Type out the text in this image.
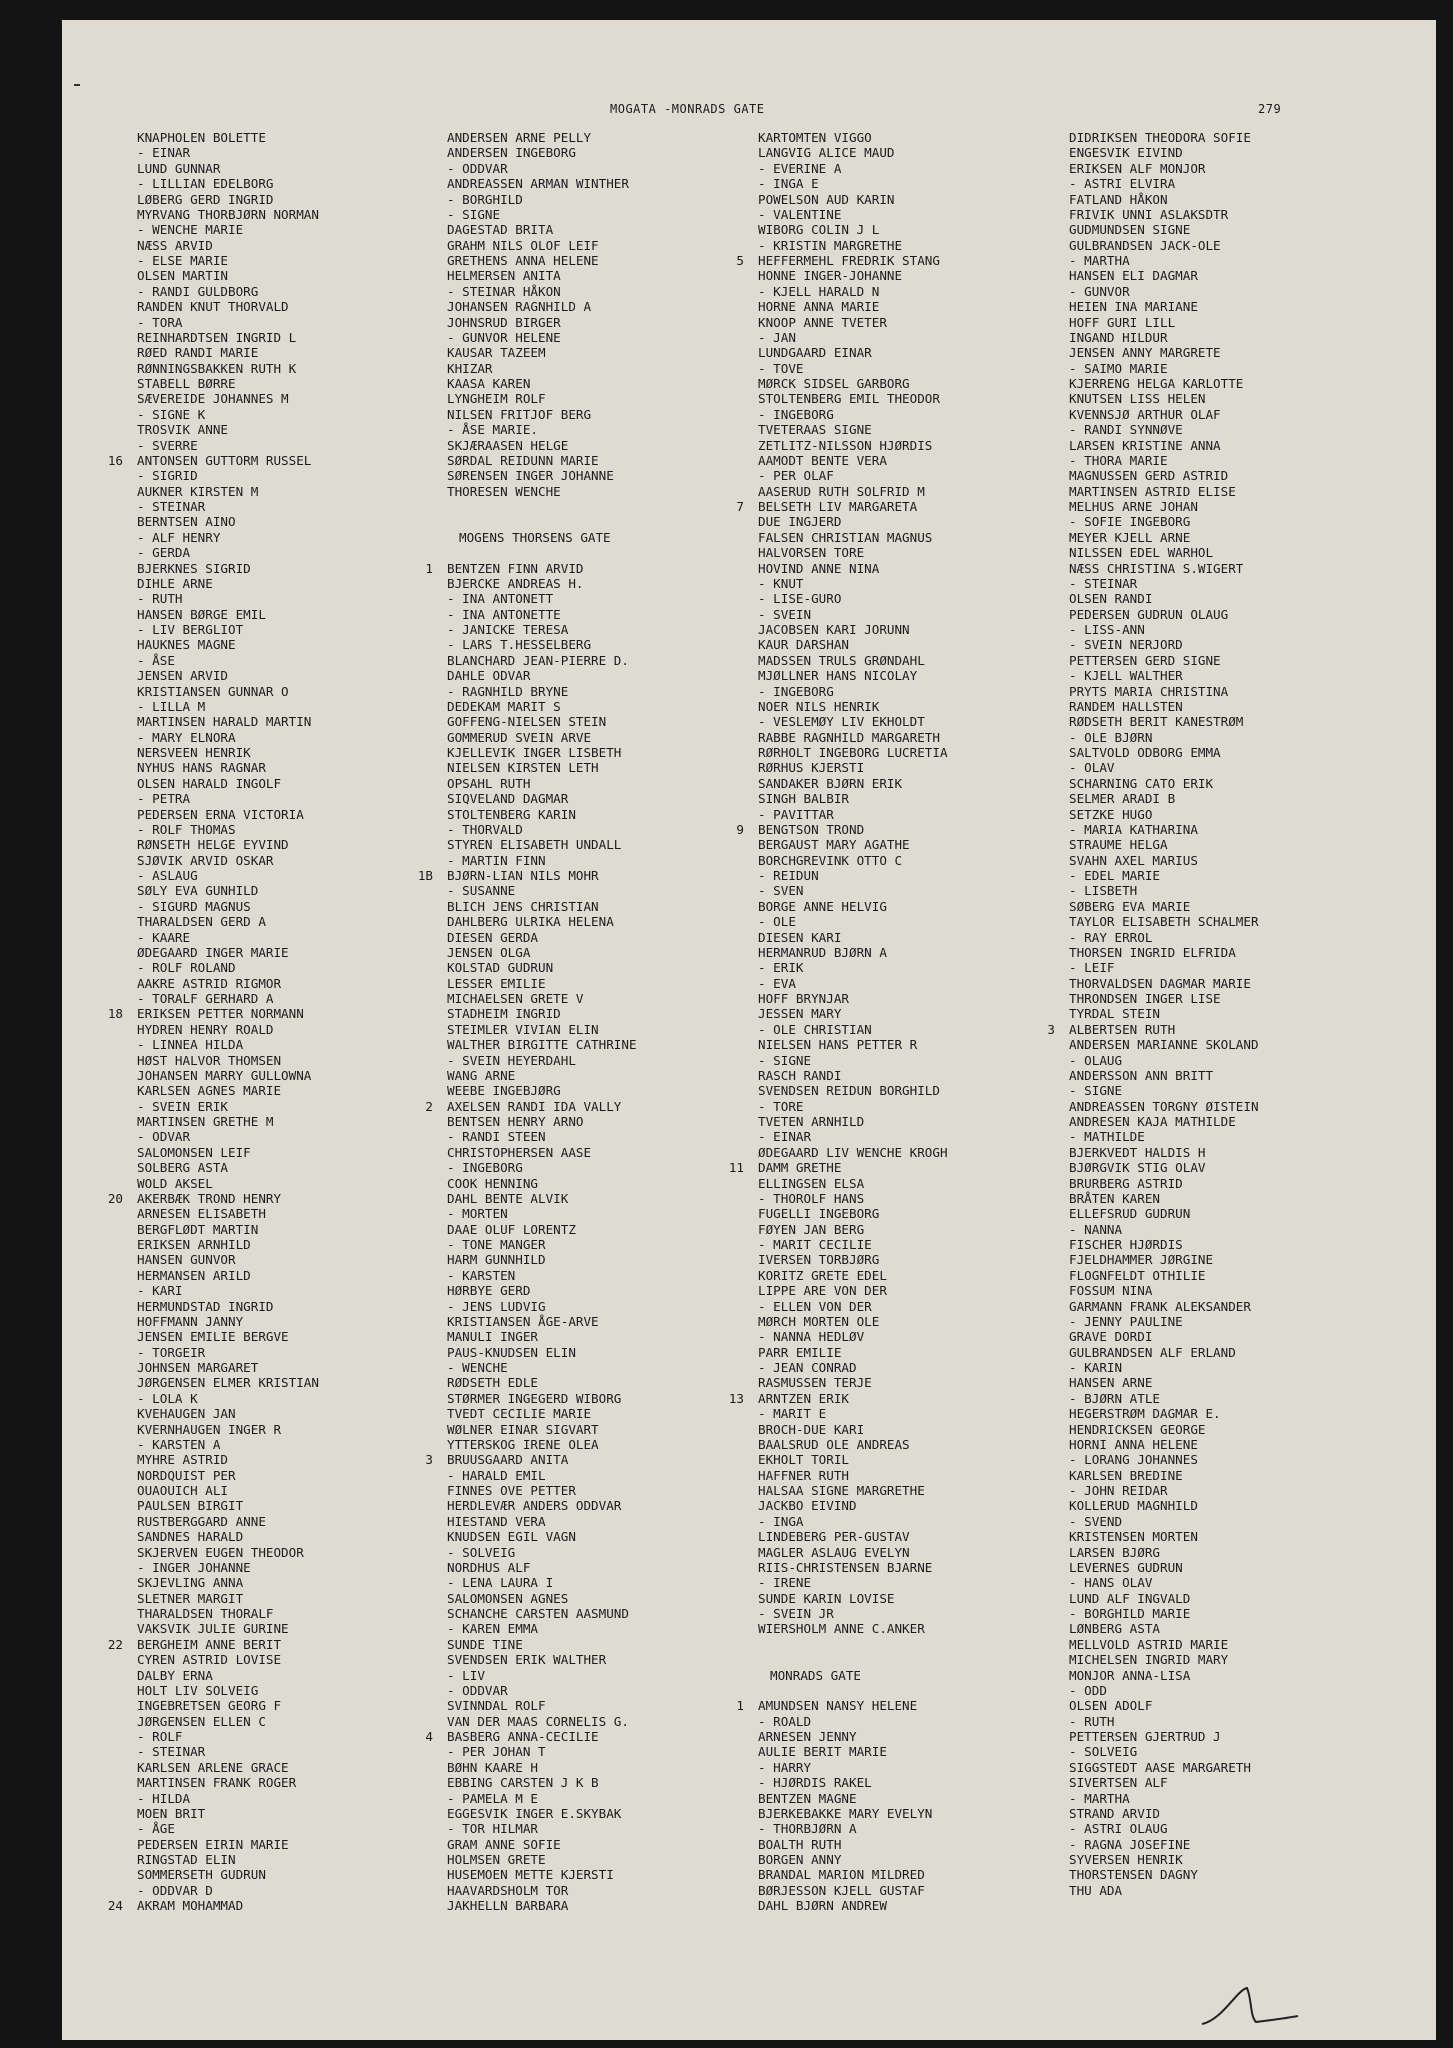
MOGATA -MONRADS GATE	279
KNAPHOLEN BOLETTE
- EINAR
LUND GUNNAR
- LILLIAN EDELBORG
LØBERG GERD INGRID
MYRVANG THORBJØRN NORMAN
- WENCHE MARIE
NÆSS ARVID
- ELSE MARIE
OLSEN MARTIN
- RANDI GULDBORG
RANDEN KNUT THORVALD
- TORA
REINHARDTSEN INGRID L
RØED RANDI MARIE
RØNNINGSBAKKEN RUTH K
STABELL BØRRE
SÆVEREIDE JOHANNES M
- SIGNE K
TROSVIK ANNE
- SVERRE
16 ANTONSEN GUTTORM RUSSEL
- SIGRID
AUKNER KIRSTEN M
- STEINAR
BERNTSEN AINO
- ALF HENRY
- GERDA
BJERKNES SIGRID
DIHLE ARNE
- RUTH
HANSEN BØRGE EMIL
- LIV BERGLIOT
HAUKNES MAGNE
- ÅSE
JENSEN ARVID
KRISTIANSEN GUNNAR O
- LILLA M
MARTINSEN HARALD MARTIN
- MARY ELNORA
NERSVEEN HENRIK
NYHUS HANS RAGNAR
OLSEN HARALD INGOLF
- PETRA
PEDERSEN ERNA VICTORIA
- ROLF THOMAS
RØNSETH HELGE EYVIND
SJØVIK ARVID OSKAR
- ASLAUG
SØLY EVA GUNHILD
- SIGURD MAGNUS
THARALDSEN GERD A
- KAARE
ØDEGAARD INGER MARIE
- ROLF ROLAND
AAKRE ASTRID RIGMOR
- TORALF GERHARD A
18 ERIKSEN PETTER NORMANN
HYDREN HENRY ROALD
- LINNEA HILDA
HØST HALVOR THOMSEN
JOHANSEN MARRY GULLOWNA
KARLSEN AGNES MARIE
- SVEIN ERIK
MARTINSEN GRETHE M
- ODVAR
SALOMONSEN LEIF
SOLBERG ASTA
WOLD AKSEL
20 AKERBÆK TROND HENRY
ARNESEN ELISABETH
BERGFLØDT MARTIN
ERIKSEN ARNHILD
HANSEN GUNVOR
HERMANSEN ARILD
- KARI
HERMUNDSTAD INGRID
HOFFMANN JANNY
JENSEN EMILIE BERGVE
- TORGEIR
JOHNSEN MARGARET
JØRGENSEN ELMER KRISTIAN
- LOLA K
KVEHAUGEN JAN
KVERNHAUGEN INGER R
- KARSTEN A
MYHRE ASTRID
NORDQUIST PER
OUAOUICH ALI
PAULSEN BIRGIT
RUSTBERGGARD ANNE
SANDNES HARALD
SKJERVEN EUGEN THEODOR
- INGER JOHANNE
SKJEVLING ANNA
SLETNER MARGIT
THARALDSEN THORALF
VAKSVIK JULIE GURINE
22 BERGHEIM ANNE BERIT
CYREN ASTRID LOVISE
DALBY ERNA
HOLT LIV SOLVEIG
INGEBRETSEN GEORG F
JØRGENSEN ELLEN C
- ROLF
- STEINAR
KARLSEN ARLENE GRACE
MARTINSEN FRANK ROGER
- HILDA
MOEN BRIT
- ÅGE
PEDERSEN EIRIN MARIE
RINGSTAD ELIN
SOMMERSETH GUDRUN
- ODDVAR D
24 AKRAM MOHAMMAD
ANDERSEN ARNE PELLY
ANDERSEN INGEBORG
- ODDVAR
ANDREASSEN ARMAN WINTHER
- BORGHILD
- SIGNE
DAGESTAD BRITA
GRAHM NILS OLOF LEIF
GRETHENS ANNA HELENE
HELMERSEN ANITA
- STEINAR HÅKON
JOHANSEN RAGNHILD A
JOHNSRUD BIRGER
- GUNVOR HELENE
KAUSAR TAZEEM
KHIZAR
KAASA KAREN
LYNGHEIM ROLF
NILSEN FRITJOF BERG
- ÅSE MARIE.
SKJÆRAASEN HELGE
SØRDAL REIDUNN MARIE
SØRENSEN INGER JOHANNE
THORESEN WENCHE
MOGENS THORSENS GATE
1 BENTZEN FINN ARVID
BJERCKE ANDREAS H.
- INA ANTONETT
- INA ANTONETTE
- JANICKE TERESA
- LARS T.HESSELBERG
BLANCHARD JEAN-PIERRE D.
DAHLE ODVAR
- RAGNHILD BRYNE
DEDEKAM MARIT S
GOFFENG-NIELSEN STEIN
GOMMERUD SVEIN ARVE
KJELLEVIK INGER LISBETH
NIELSEN KIRSTEN LETH
OPSAHL RUTH
SIQVELAND DAGMAR
STOLTENBERG KARIN
- THORVALD
STYREN ELISABETH UNDALL
- MARTIN FINN
1B BJØRN-LIAN NILS MOHR
- SUSANNE
BLICH JENS CHRISTIAN
DAHLBERG ULRIKA HELENA
DIESEN GERDA
JENSEN OLGA
KOLSTAD GUDRUN
LESSER EMILIE
MICHAELSEN GRETE V
STADHEIM INGRID
STEIMLER VIVIAN ELIN
WALTHER BIRGITTE CATHRINE
- SVEIN HEYERDAHL
WANG ARNE
WEEBE INGEBJØRG
2 AXELSEN RANDI IDA VALLY
BENTSEN HENRY ARNO
- RANDI STEEN
CHRISTOPHERSEN AASE
- INGEBORG
COOK HENNING
DAHL BENTE ALVIK
- MORTEN
DAAE OLUF LORENTZ
- TONE MANGER
HARM GUNNHILD
- KARSTEN
HØRBYE GERD
- JENS LUDVIG
KRISTIANSEN ÅGE-ARVE
MANULI INGER
PAUS-KNUDSEN ELIN
- WENCHE
RØDSETH EDLE
STØRMER INGEGERD WIBORG
TVEDT CECILIE MARIE
WØLNER EINAR SIGVART
YTTERSKOG IRENE OLEA
3 BRUUSGAARD ANITA
- HARALD EMIL
FINNES OVE PETTER
HERDLEVÆR ANDERS ODDVAR
HIESTAND VERA
KNUDSEN EGIL VAGN
- SOLVEIG
NORDHUS ALF
- LENA LAURA I
SALOMONSEN AGNES
SCHANCHE CARSTEN AASMUND
- KAREN EMMA
SUNDE TINE
SVENDSEN ERIK WALTHER
- LIV
- ODDVAR
SVINNDAL ROLF
VAN DER MAAS CORNELIS G.
4 BASBERG ANNA-CECILIE
- PER JOHAN T
BØHN KAARE H
EBBING CARSTEN J K B
- PAMELA M E
EGGESVIK INGER E.SKYBAK
- TOR HILMAR
GRAM ANNE SOFIE
HOLMSEN GRETE
HUSEMOEN METTE KJERSTI
HAAVARDSHOLM TOR
JAKHELLN BARBARA
KARTOMTEN VIGGO
LANGVIG ALICE MAUD
- EVERINE A
- INGA E
POWELSON AUD KARIN
- VALENTINE
WIBORG COLIN J L
- KRISTIN MARGRETHE
5 HEFFERMEHL FREDRIK STANG
HONNE INGER-JOHANNE
- KJELL HARALD N
HORNE ANNA MARIE
KNOOP ANNE TVETER
- JAN
LUNDGAARD EINAR
- TOVE
MØRCK SIDSEL GARBORG
STOLTENBERG EMIL THEODOR
- INGEBORG
TVETERAAS SIGNE
ZETLITZ-NILSSON HJØRDIS
AAMODT BENTE VERA
- PER OLAF
AASERUD RUTH SOLFRID M
7 BELSETH LIV MARGARETA
DUE INGJERD
FALSEN CHRISTIAN MAGNUS
HALVORSEN TORE
HOVIND ANNE NINA
- KNUT
- LISE-GURO
- SVEIN
JACOBSEN KARI JORUNN
KAUR DARSHAN
MADSSEN TRULS GRØNDAHL
MJØLLNER HANS NICOLAY
- INGEBORG
NOER NILS HENRIK
- VESLEMØY LIV EKHOLDT
RABBE RAGNHILD MARGARETH
RØRHOLT INGEBORG LUCRETIA
RØRHUS KJERSTI
SANDAKER BJØRN ERIK
SINGH BALBIR
- PAVITTAR
9 BENGTSON TROND
BERGAUST MARY AGATHE
BORCHGREVINK OTTO C
- REIDUN
- SVEN
BORGE ANNE HELVIG
- OLE
DIESEN KARI
HERMANRUD BJØRN A
- ERIK
- EVA
HOFF BRYNJAR
JESSEN MARY
- OLE CHRISTIAN
NIELSEN HANS PETTER R
- SIGNE
RASCH RANDI
SVENDSEN REIDUN BORGHILD
- TORE
TVETEN ARNHILD
- EINAR
ØDEGAARD LIV WENCHE KROGH
11 DAMM GRETHE
ELLINGSEN ELSA
- THOROLF HANS
FUGELLI INGEBORG
FØYEN JAN BERG
- MARIT CECILIE
IVERSEN TORBJØRG
KORITZ GRETE EDEL
LIPPE ARE VON DER
- ELLEN VON DER
MØRCH MORTEN OLE
- NANNA HEDLØV
PARR EMILIE
- JEAN CONRAD
RASMUSSEN TERJE
13 ARNTZEN ERIK
- MARIT E
BROCH-DUE KARI
BAALSRUD OLE ANDREAS
EKHOLT TORIL
HAFFNER RUTH
HALSAA SIGNE MARGRETHE
JACKBO EIVIND
- INGA
LINDEBERG PER-GUSTAV
MAGLER ASLAUG EVELYN
RIIS-CHRISTENSEN BJARNE
- IRENE
SUNDE KARIN LOVISE
- SVEIN JR
WIERSHOLM ANNE C.ANKER
MONRADS GATE
1 AMUNDSEN NANSY HELENE
- ROALD
ARNESEN JENNY
AULIE BERIT MARIE
- HARRY
- HJØRDIS RAKEL
BENTZEN MAGNE
BJERKEBAKKE MARY EVELYN
- THORBJØRN A
BOALTH RUTH
BORGEN ANNY
BRANDAL MARION MILDRED
BØRJESSON KJELL GUSTAF
DAHL BJØRN ANDREW
DIDRIKSEN THEODORA SOFIE
ENGESVIK EIVIND
ERIKSEN ALF MONJOR
- ASTRI ELVIRA
FATLAND HÅKON
FRIVIK UNNI ASLAKSDTR
GUDMUNDSEN SIGNE
GULBRANDSEN JACK-OLE
- MARTHA
HANSEN ELI DAGMAR
- GUNVOR
HEIEN INA MARIANE
HOFF GURI LILL
INGAND HILDUR
JENSEN ANNY MARGRETE
- SAIMO MARIE
KJERRENG HELGA KARLOTTE
KNUTSEN LISS HELEN
KVENNSJØ ARTHUR OLAF
- RANDI SYNNØVE
LARSEN KRISTINE ANNA
- THORA MARIE
MAGNUSSEN GERD ASTRID
MARTINSEN ASTRID ELISE
MELHUS ARNE JOHAN
- SOFIE INGEBORG
MEYER KJELL ARNE
NILSSEN EDEL WARHOL
NÆSS CHRISTINA S.WIGERT
- STEINAR
OLSEN RANDI
PEDERSEN GUDRUN OLAUG
- LISS-ANN
- SVEIN NERJORD
PETTERSEN GERD SIGNE
- KJELL WALTHER
PRYTS MARIA CHRISTINA
RANDEM HALLSTEN
RØDSETH BERIT KANESTRØM
- OLE BJØRN
SALTVOLD ODBORG EMMA
- OLAV
SCHARNING CATO ERIK
SELMER ARADI B
SETZKE HUGO
- MARIA KATHARINA
STRAUME HELGA
SVAHN AXEL MARIUS
- EDEL MARIE
- LISBETH
SØBERG EVA MARIE
TAYLOR ELISABETH SCHALMER
- RAY ERROL
THORSEN INGRID ELFRIDA
- LEIF
THORVALDSEN DAGMAR MARIE
THRONDSEN INGER LISE
TYRDAL STEIN
3 ALBERTSEN RUTH
ANDERSEN MARIANNE SKOLAND
- OLAUG
ANDERSSON ANN BRITT
- SIGNE
ANDREASSEN TORGNY ØISTEIN
ANDRESEN KAJA MATHILDE
- MATHILDE
BJERKVEDT HALDIS H
BJØRGVIK STIG OLAV
BRURBERG ASTRID
BRÅTEN KAREN
ELLEFSRUD GUDRUN
- NANNA
FISCHER HJØRDIS
FJELDHAMMER JØRGINE
FLOGNFELDT OTHILIE
FOSSUM NINA
GARMANN FRANK ALEKSANDER
- JENNY PAULINE
GRAVE DORDI
GULBRANDSEN ALF ERLAND
- KARIN
HANSEN ARNE
- BJØRN ATLE
HEGERSTRØM DAGMAR E.
HENDRICKSEN GEORGE
HORNI ANNA HELENE
- LORANG JOHANNES
KARLSEN BREDINE
- JOHN REIDAR
KOLLERUD MAGNHILD
- SVEND
KRISTENSEN MORTEN
LARSEN BJØRG
LEVERNES GUDRUN
- HANS OLAV
LUND ALF INGVALD
- BORGHILD MARIE
LØNBERG ASTA
MELLVOLD ASTRID MARIE
MICHELSEN INGRID MARY
MONJOR ANNA-LISA
- ODD
OLSEN ADOLF
- RUTH
PETTERSEN GJERTRUD J
- SOLVEIG
SIGGSTEDT AASE MARGARETH
SIVERTSEN ALF
- MARTHA
STRAND ARVID
- ASTRI OLAUG
- RAGNA JOSEFINE
SYVERSEN HENRIK
THORSTENSEN DAGNY
THU ADA
